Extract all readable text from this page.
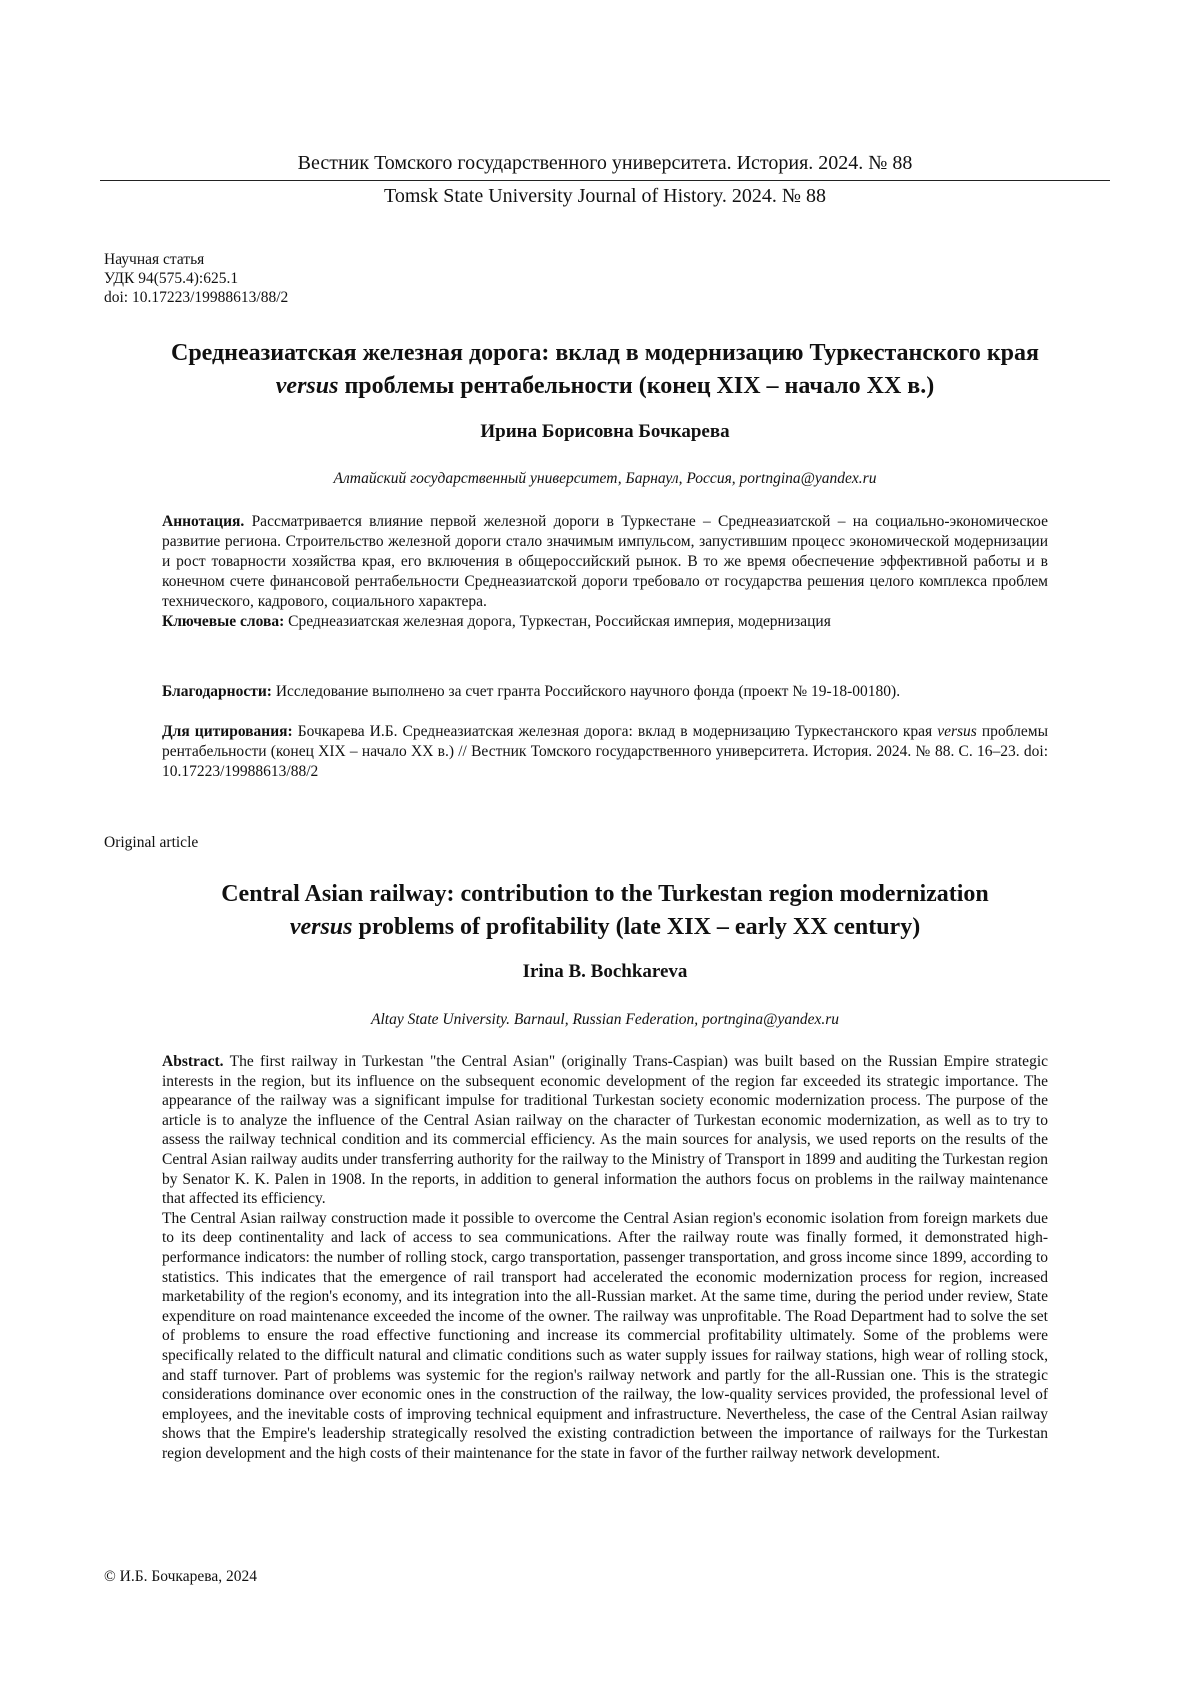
Вестник Томского государственного университета. История. 2024. № 88
Tomsk State University Journal of History. 2024. № 88
Научная статья
УДК 94(575.4):625.1
doi: 10.17223/19988613/88/2
Среднеазиатская железная дорога: вклад в модернизацию Туркестанского края
versus проблемы рентабельности (конец XIX – начало XX в.)
Ирина Борисовна Бочкарева
Алтайский государственный университет, Барнаул, Россия, portngina@yandex.ru

Аннотация. Рассматривается влияние первой железной дороги в Туркестане – Среднеазиатской – на социально-экономическое развитие региона. Строительство железной дороги стало значимым импульсом, запустившим процесс экономической модернизации и рост товарности хозяйства края, его включения в общероссийский рынок. В то же время обеспечение эффективной работы и в конечном счете финансовой рентабельности Среднеазиатской дороги требовало от государства решения целого комплекса проблем технического, кадрового, социального характера.

Ключевые слова: Среднеазиатская железная дорога, Туркестан, Российская империя, модернизация

Благодарности: Исследование выполнено за счет гранта Российского научного фонда (проект № 19-18-00180).
Для цитирования: Бочкарева И.Б. Среднеазиатская железная дорога: вклад в модернизацию Туркестанского края versus проблемы рентабельности (конец XIX – начало XX в.) // Вестник Томского государственного университета. История. 2024. № 88. С. 16–23. doi: 10.17223/19988613/88/2
Original article
Central Asian railway: contribution to the Turkestan region modernization
versus problems of profitability (late XIX – early XX century)
Irina B. Bochkareva
Altay State University. Barnaul, Russian Federation, portngina@yandex.ru

Abstract. The first railway in Turkestan "the Central Asian" (originally Trans-Caspian) was built based on the Russian Empire strategic interests in the region, but its influence on the subsequent economic development of the region far exceeded its strategic importance. The appearance of the railway was a significant impulse for traditional Turkestan society economic modernization process. The purpose of the article is to analyze the influence of the Central Asian railway on the character of Turkestan economic modernization, as well as to try to assess the railway technical condition and its commercial efficiency. As the main sources for analysis, we used reports on the results of the Central Asian railway audits under transferring authority for the railway to the Ministry of Transport in 1899 and auditing the Turkestan region by Senator K. K. Palen in 1908. In the reports, in addition to general information the authors focus on problems in the railway maintenance that affected its efficiency.

The Central Asian railway construction made it possible to overcome the Central Asian region's economic isolation from foreign markets due to its deep continentality and lack of access to sea communications. After the railway route was finally formed, it demonstrated high-performance indicators: the number of rolling stock, cargo transportation, passenger transportation, and gross income since 1899, according to statistics. This indicates that the emergence of rail transport had accelerated the economic modernization process for region, increased marketability of the region's economy, and its integration into the all-Russian market. At the same time, during the period under review, State expenditure on road maintenance exceeded the income of the owner. The railway was unprofitable. The Road Department had to solve the set of problems to ensure the road effective functioning and increase its commercial profitability ultimately. Some of the problems were specifically related to the difficult natural and climatic conditions such as water supply issues for railway stations, high wear of rolling stock, and staff turnover. Part of problems was systemic for the region's railway network and partly for the all-Russian one. This is the strategic considerations dominance over economic ones in the construction of the railway, the low-quality services provided, the professional level of employees, and the inevitable costs of improving technical equipment and infrastructure. Nevertheless, the case of the Central Asian railway shows that the Empire's leadership strategically resolved the existing contradiction between the importance of railways for the Turkestan region development and the high costs of their maintenance for the state in favor of the further railway network development.

© И.Б. Бочкарева, 2024
